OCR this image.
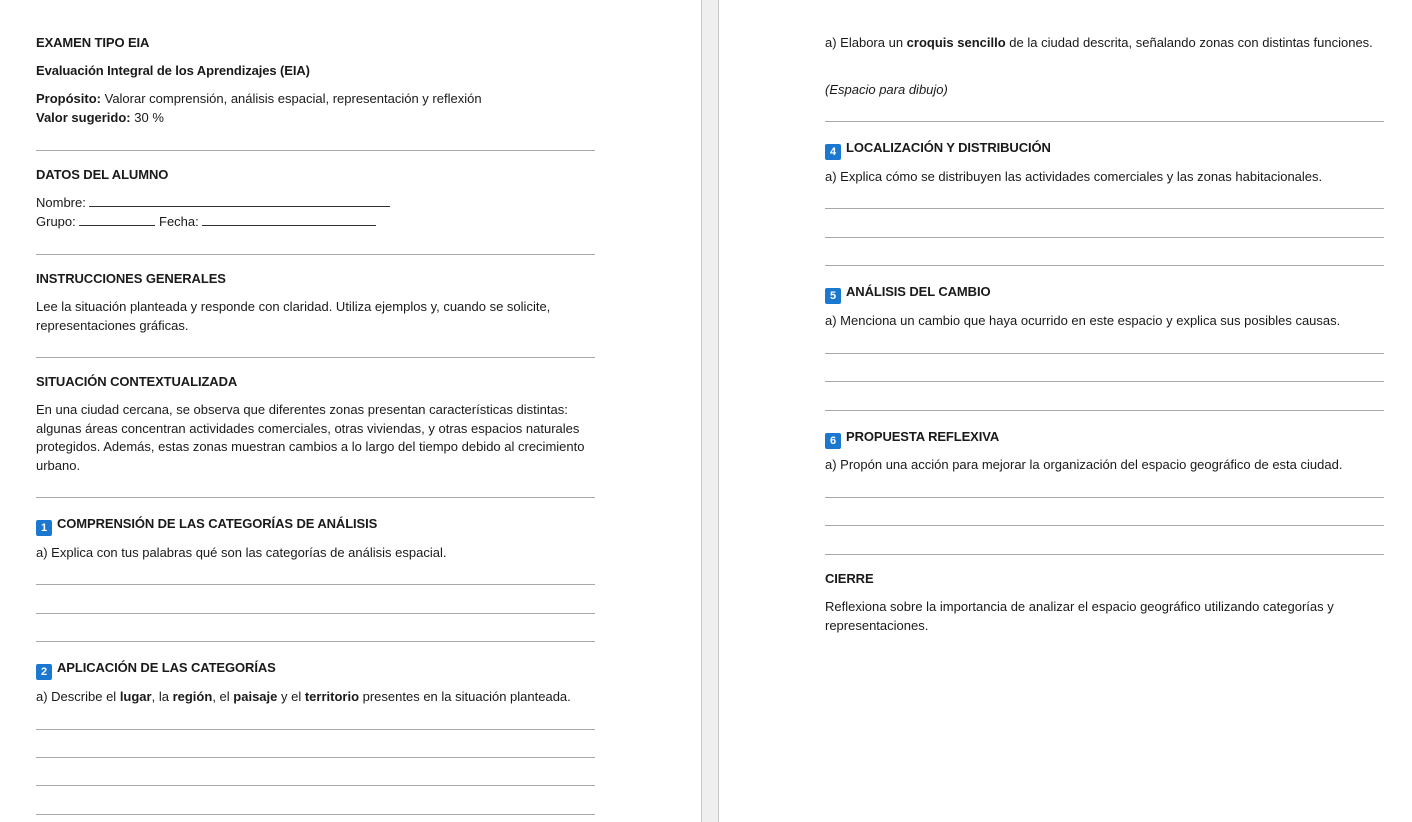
EXAMEN TIPO EIA
Evaluación Integral de los Aprendizajes (EIA)
Propósito: Valorar comprensión, análisis espacial, representación y reflexión
Valor sugerido: 30 %
DATOS DEL ALUMNO
Nombre:
Grupo:	Fecha:
INSTRUCCIONES GENERALES
Lee la situación planteada y responde con claridad. Utiliza ejemplos y, cuando se solicite, representaciones gráficas.
SITUACIÓN CONTEXTUALIZADA
En una ciudad cercana, se observa que diferentes zonas presentan características distintas: algunas áreas concentran actividades comerciales, otras viviendas, y otras espacios naturales protegidos. Además, estas zonas muestran cambios a lo largo del tiempo debido al crecimiento urbano.
1 COMPRENSIÓN DE LAS CATEGORÍAS DE ANÁLISIS
a) Explica con tus palabras qué son las categorías de análisis espacial.
2 APLICACIÓN DE LAS CATEGORÍAS
a) Describe el lugar, la región, el paisaje y el territorio presentes en la situación planteada.
a) Elabora un croquis sencillo de la ciudad descrita, señalando zonas con distintas funciones.
(Espacio para dibujo)
4 LOCALIZACIÓN Y DISTRIBUCIÓN
a) Explica cómo se distribuyen las actividades comerciales y las zonas habitacionales.
5 ANÁLISIS DEL CAMBIO
a) Menciona un cambio que haya ocurrido en este espacio y explica sus posibles causas.
6 PROPUESTA REFLEXIVA
a) Propón una acción para mejorar la organización del espacio geográfico de esta ciudad.
CIERRE
Reflexiona sobre la importancia de analizar el espacio geográfico utilizando categorías y representaciones.
